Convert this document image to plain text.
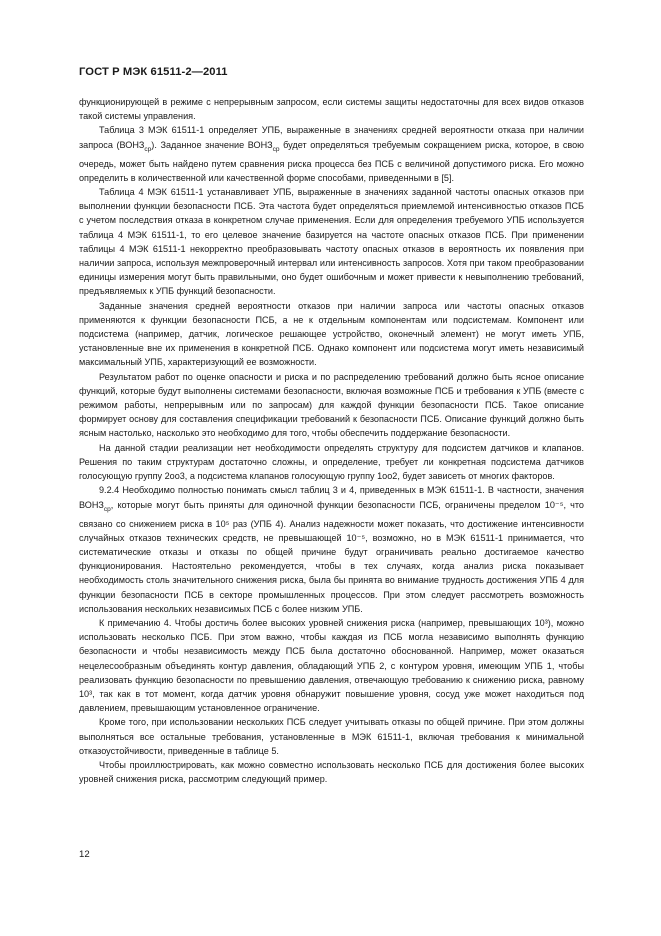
ГОСТ Р МЭК 61511-2—2011

функционирующей в режиме с непрерывным запросом, если системы защиты недостаточны для всех видов отказов такой системы управления.

Таблица 3 МЭК 61511-1 определяет УПБ, выраженные в значениях средней вероятности отказа при наличии запроса $(ВОНЗ_{ср})$. Заданное значение $ВОНЗ_{ср}$ будет определяться требуемым сокращением риска, которое, в свою очередь, может быть найдено путем сравнения риска процесса без ПСБ с величиной допустимого риска. Его можно определить в количественной или качественной форме способами, приведенными в [5].

Таблица 4 МЭК 61511-1 устанавливает УПБ, выраженные в значениях заданной частоты опасных отказов при выполнении функции безопасности ПСБ. Эта частота будет определяться приемлемой интенсивностью отказов ПСБ с учетом последствия отказа в конкретном случае применения. Если для определения требуемого УПБ используется таблица 4 МЭК 61511-1, то его целевое значение базируется на частоте опасных отказов ПСБ. При применении таблицы 4 МЭК 61511-1 некорректно преобразовывать частоту опасных отказов в вероятность их появления при наличии запроса, используя межпроверочный интервал или интенсивность запросов. Хотя при таком преобразовании единицы измерения могут быть правильными, оно будет ошибочным и может привести к невыполнению требований, предъявляемых к УПБ функций безопасности.

Заданные значения средней вероятности отказов при наличии запроса или частоты опасных отказов применяются к функции безопасности ПСБ, а не к отдельным компонентам или подсистемам. Компонент или подсистема (например, датчик, логическое решающее устройство, оконечный элемент) не могут иметь УПБ, установленные вне их применения в конкретной ПСБ. Однако компонент или подсистема могут иметь независимый максимальный УПБ, характеризующий ее возможности.

Результатом работ по оценке опасности и риска и по распределению требований должно быть ясное описание функций, которые будут выполнены системами безопасности, включая возможные ПСБ и требования к УПБ (вместе с режимом работы, непрерывным или по запросам) для каждой функции безопасности ПСБ. Такое описание формирует основу для составления спецификации требований к безопасности ПСБ. Описание функций должно быть ясным настолько, насколько это необходимо для того, чтобы обеспечить поддержание безопасности.

На данной стадии реализации нет необходимости определять структуру для подсистем датчиков и клапанов. Решения по таким структурам достаточно сложны, и определение, требует ли конкретная подсистема датчиков голосующую группу 2оо3, а подсистема клапанов голосующую группу 1оо2, будет зависеть от многих факторов.

9.2.4 Необходимо полностью понимать смысл таблиц 3 и 4, приведенных в МЭК 61511-1. В частности, значения $ВОНЗ_{ср}$, которые могут быть приняты для одиночной функции безопасности ПСБ, ограничены пределом 10⁻⁵, что связано со снижением риска в 10⁵ раз (УПБ 4). Анализ надежности может показать, что достижение интенсивности случайных отказов технических средств, не превышающей 10⁻⁵, возможно, но в МЭК 61511-1 принимается, что систематические отказы и отказы по общей причине будут ограничивать реально достигаемое качество функционирования. Настоятельно рекомендуется, чтобы в тех случаях, когда анализ риска показывает необходимость столь значительного снижения риска, была бы принята во внимание трудность достижения УПБ 4 для функции безопасности ПСБ в секторе промышленных процессов. При этом следует рассмотреть возможность использования нескольких независимых ПСБ с более низким УПБ.

К примечанию 4. Чтобы достичь более высоких уровней снижения риска (например, превышающих 10³), можно использовать несколько ПСБ. При этом важно, чтобы каждая из ПСБ могла независимо выполнять функцию безопасности и чтобы независимость между ПСБ была достаточно обоснованной. Например, может оказаться нецелесообразным объединять контур давления, обладающий УПБ 2, с контуром уровня, имеющим УПБ 1, чтобы реализовать функцию безопасности по превышению давления, отвечающую требованию к снижению риска, равному 10³, так как в тот момент, когда датчик уровня обнаружит повышение уровня, сосуд уже может находиться под давлением, превышающим установленное ограничение.

Кроме того, при использовании нескольких ПСБ следует учитывать отказы по общей причине. При этом должны выполняться все остальные требования, установленные в МЭК 61511-1, включая требования к минимальной отказоустойчивости, приведенные в таблице 5.

Чтобы проиллюстрировать, как можно совместно использовать несколько ПСБ для достижения более высоких уровней снижения риска, рассмотрим следующий пример.

12
